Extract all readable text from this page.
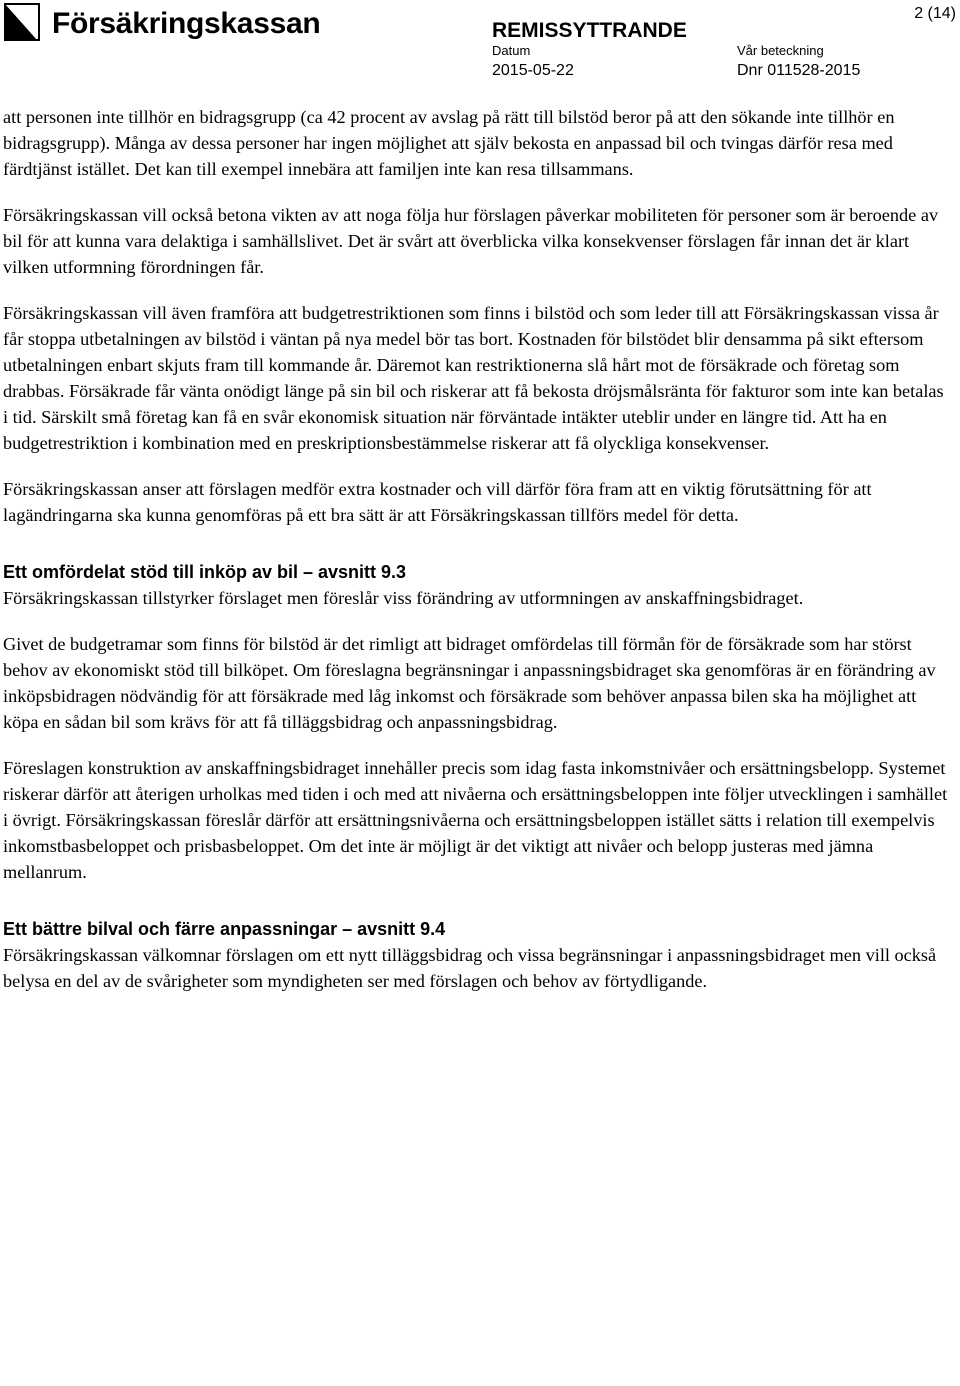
Försäkringskassan	REMISSYTTRANDE
Datum
2015-05-22
Vår beteckning
Dnr 011528-2015
2 (14)

att personen inte tillhör en bidragsgrupp (ca 42 procent av avslag på rätt till bilstöd beror på att den sökande inte tillhör en bidragsgrupp). Många av dessa personer har ingen möjlighet att själv bekosta en anpassad bil och tvingas därför resa med färdtjänst istället. Det kan till exempel innebära att familjen inte kan resa tillsammans.

Försäkringskassan vill också betona vikten av att noga följa hur förslagen påverkar mobiliteten för personer som är beroende av bil för att kunna vara delaktiga i samhällslivet. Det är svårt att överblicka vilka konsekvenser förslagen får innan det är klart vilken utformning förordningen får.

Försäkringskassan vill även framföra att budgetrestriktionen som finns i bilstöd och som leder till att Försäkringskassan vissa år får stoppa utbetalningen av bilstöd i väntan på nya medel bör tas bort. Kostnaden för bilstödet blir densamma på sikt eftersom utbetalningen enbart skjuts fram till kommande år. Däremot kan restriktionerna slå hårt mot de försäkrade och företag som drabbas. Försäkrade får vänta onödigt länge på sin bil och riskerar att få bekosta dröjsmålsränta för fakturor som inte kan betalas i tid. Särskilt små företag kan få en svår ekonomisk situation när förväntade intäkter uteblir under en längre tid. Att ha en budgetrestriktion i kombination med en preskriptionsbestämmelse riskerar att få olyckliga konsekvenser.

Försäkringskassan anser att förslagen medför extra kostnader och vill därför föra fram att en viktig förutsättning för att lagändringarna ska kunna genomföras på ett bra sätt är att Försäkringskassan tillförs medel för detta.

Ett omfördelat stöd till inköp av bil – avsnitt 9.3

Försäkringskassan tillstyrker förslaget men föreslår viss förändring av utformningen av anskaffningsbidraget.

Givet de budgetramar som finns för bilstöd är det rimligt att bidraget omfördelas till förmån för de försäkrade som har störst behov av ekonomiskt stöd till bilköpet. Om föreslagna begränsningar i anpassningsbidraget ska genomföras är en förändring av inköpsbidragen nödvändig för att försäkrade med låg inkomst och försäkrade som behöver anpassa bilen ska ha möjlighet att köpa en sådan bil som krävs för att få tilläggsbidrag och anpassningsbidrag.

Föreslagen konstruktion av anskaffningsbidraget innehåller precis som idag fasta inkomstnivåer och ersättningsbelopp. Systemet riskerar därför att återigen urholkas med tiden i och med att nivåerna och ersättningsbeloppen inte följer utvecklingen i samhället i övrigt. Försäkringskassan föreslår därför att ersättningsnivåerna och ersättningsbeloppen istället sätts i relation till exempelvis inkomstbasbeloppet och prisbasbeloppet. Om det inte är möjligt är det viktigt att nivåer och belopp justeras med jämna mellanrum.

Ett bättre bilval och färre anpassningar – avsnitt 9.4

Försäkringskassan välkomnar förslagen om ett nytt tilläggsbidrag och vissa begränsningar i anpassningsbidraget men vill också belysa en del av de svårigheter som myndigheten ser med förslagen och behov av förtydligande.
